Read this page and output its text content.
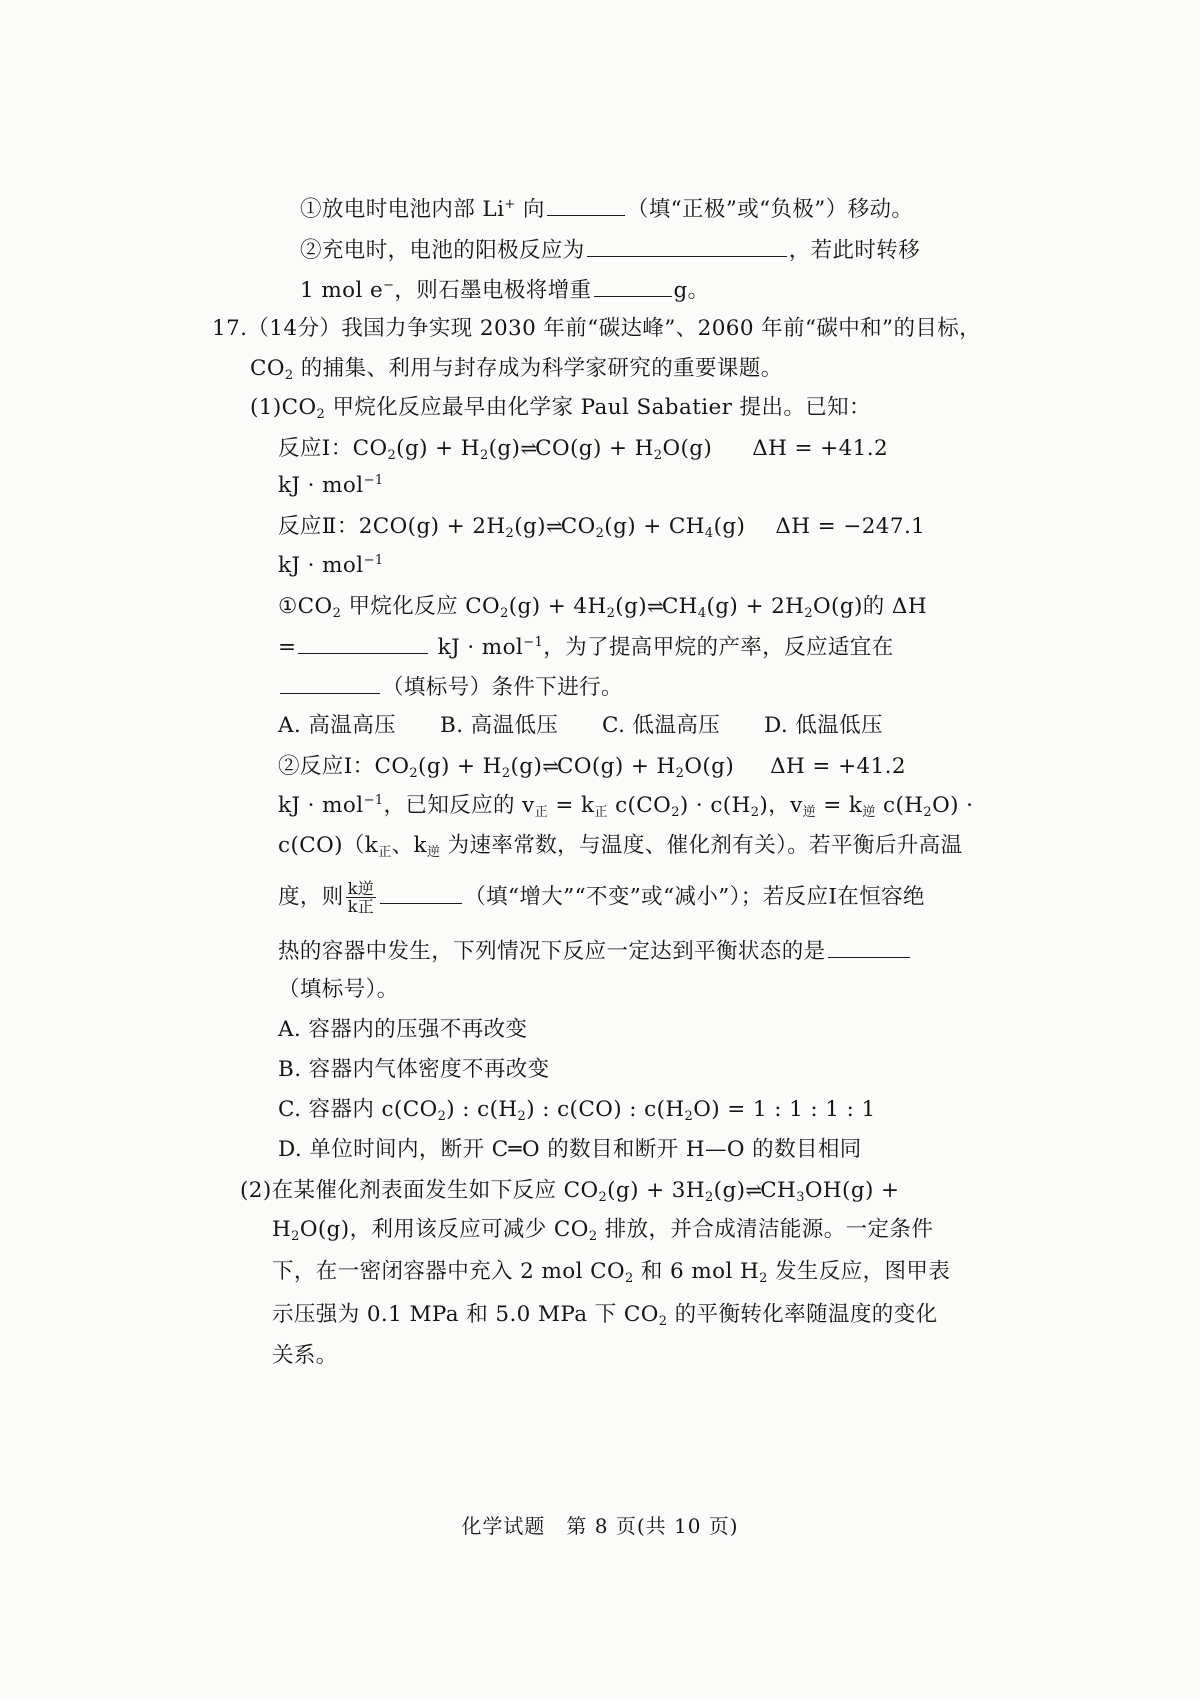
①放电时电池内部 Li+ 向	（填“正极”或“负极”）移动。
②充电时，电池的阳极反应为	，若此时转移
1 mol e−，则石墨电极将增重	g。
17.（14分）我国力争实现 2030 年前“碳达峰”、2060 年前“碳中和”的目标，
$CO_2$ 的捕集、利用与封存成为科学家研究的重要课题。
$(1)CO_2$ 甲烷化反应最早由化学家 Paul Sabatier 提出。已知：
反应Ⅰ：$CO_2(g)$ + $H_2(g)\rightleftharpoons CO(g) + H_2O(g) \Delta H = +41.2$
kJ · mol$^{-1}$
反应Ⅱ：$2CO(g) + 2H_2(g)\rightleftharpoons CO_2(g) + CH_4(g) \Delta H = -247.1$
kJ · mol$^{-1}$
$①CO_2$ 甲烷化反应 $CO_2(g)$ + $4H_2(g)\rightleftharpoons CH_4(g) + 2H_2O(g)$的 ΔH
=	kJ · mol$^{-1}$，为了提高甲烷的产率，反应适宜在
（填标号）条件下进行。
A. 高温高压 B. 高温低压 C. 低温高压 D. 低温低压
②反应Ⅰ：$CO_2(g)$ + $H_2(g)\rightleftharpoons CO(g) + H_2O(g) \Delta H = +41.2$
kJ · mol$^{-1}$，已知反应的 $v_正 = k_正$ $c(CO_2) \cdot c(H_2)$，$v_逆 = k_逆$ $c(H_2O)$ ·
$c(CO)(k_正$、$k_逆$ 为速率常数，与温度、催化剂有关）。若平衡后升高温
度，则 $\frac{\text{k逆}}{\text{k正}}$	（填“增大”“不变”或“减小”）；若反应Ⅰ在恒容绝
热的容器中发生，下列情况下反应一定达到平衡状态的是
（填标号）。
A. 容器内的压强不再改变
B. 容器内气体密度不再改变
C. 容器内 $c(CO_2)$ : $c(H_2)$ : c(CO) : $c(H_2O) = 1$ : 1 : 1 : 1
D. 单位时间内，断开 C═O 的数目和断开 H—O 的数目相同
(2)在某催化剂表面发生如下反应 $CO_2(g)$ + $3H_2(g)\rightleftharpoons CH_3OH(g)$ +
$H_2O(g)$，利用该反应可减少 $CO_2$ 排放，并合成清洁能源。一定条件
下，在一密闭容器中充入 2 mol $CO_2$ 和 6 mol $H_2$ 发生反应，图甲表
示压强为 0.1 MPa 和 5.0 MPa 下 $CO_2$ 的平衡转化率随温度的变化
关系。
化学试题　第 8 页(共 10 页)
